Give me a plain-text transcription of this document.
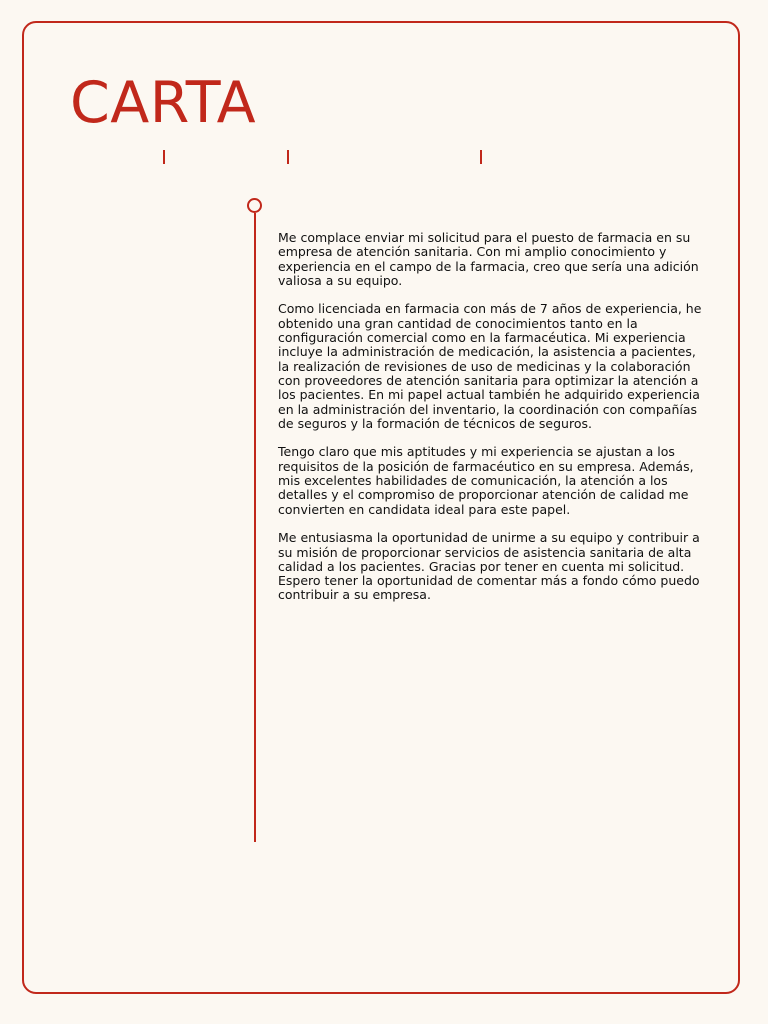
CARTA

Me complace enviar mi solicitud para el puesto de farmacia en su empresa de atención sanitaria. Con mi amplio conocimiento y experiencia en el campo de la farmacia, creo que sería una adición valiosa a su equipo.

Como licenciada en farmacia con más de 7 años de experiencia, he obtenido una gran cantidad de conocimientos tanto en la configuración comercial como en la farmacéutica. Mi experiencia incluye la administración de medicación, la asistencia a pacientes, la realización de revisiones de uso de medicinas y la colaboración con proveedores de atención sanitaria para optimizar la atención a los pacientes. En mi papel actual también he adquirido experiencia en la administración del inventario, la coordinación con compañías de seguros y la formación de técnicos de seguros.

Tengo claro que mis aptitudes y mi experiencia se ajustan a los requisitos de la posición de farmacéutico en su empresa. Además, mis excelentes habilidades de comunicación, la atención a los detalles y el compromiso de proporcionar atención de calidad me convierten en candidata ideal para este papel.

Me entusiasma la oportunidad de unirme a su equipo y contribuir a su misión de proporcionar servicios de asistencia sanitaria de alta calidad a los pacientes. Gracias por tener en cuenta mi solicitud. Espero tener la oportunidad de comentar más a fondo cómo puedo contribuir a su empresa.
